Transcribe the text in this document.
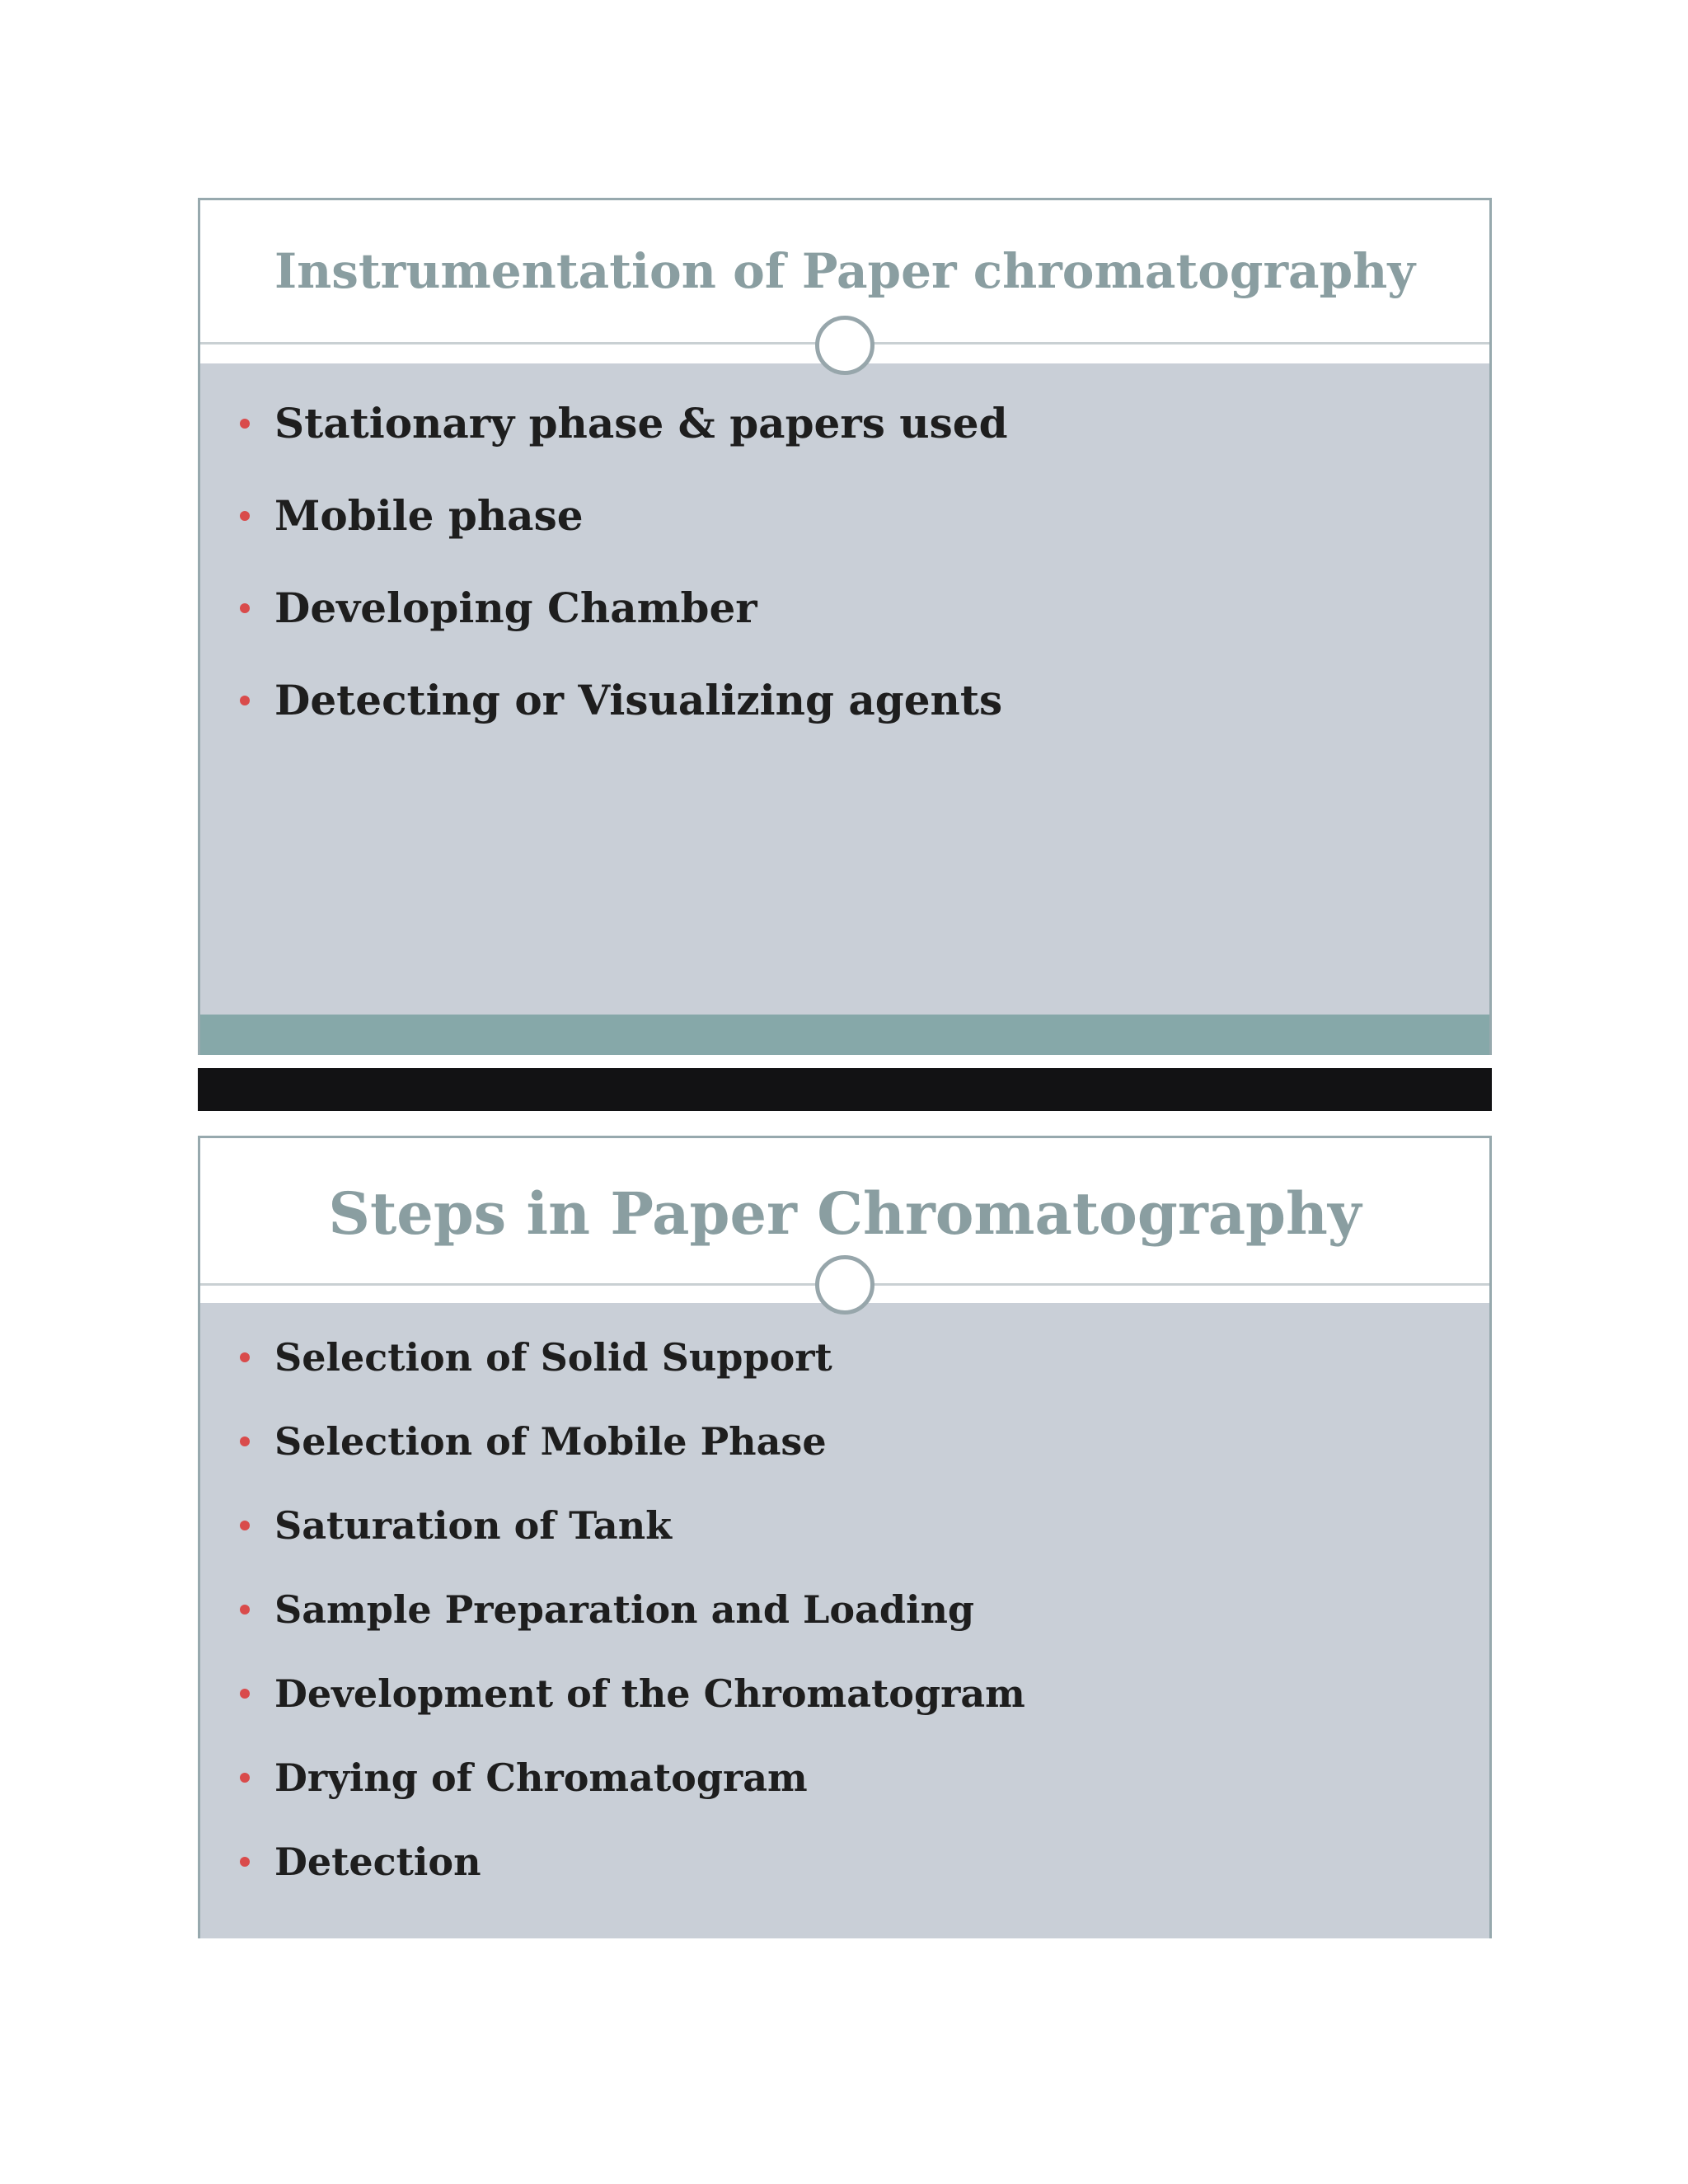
Instrumentation of Paper chromatography
Stationary phase & papers used
Mobile phase
Developing Chamber
Detecting or Visualizing agents
Steps in Paper Chromatography
Selection of Solid Support
Selection of Mobile Phase
Saturation of Tank
Sample Preparation and Loading
Development of the Chromatogram
Drying of Chromatogram
Detection
